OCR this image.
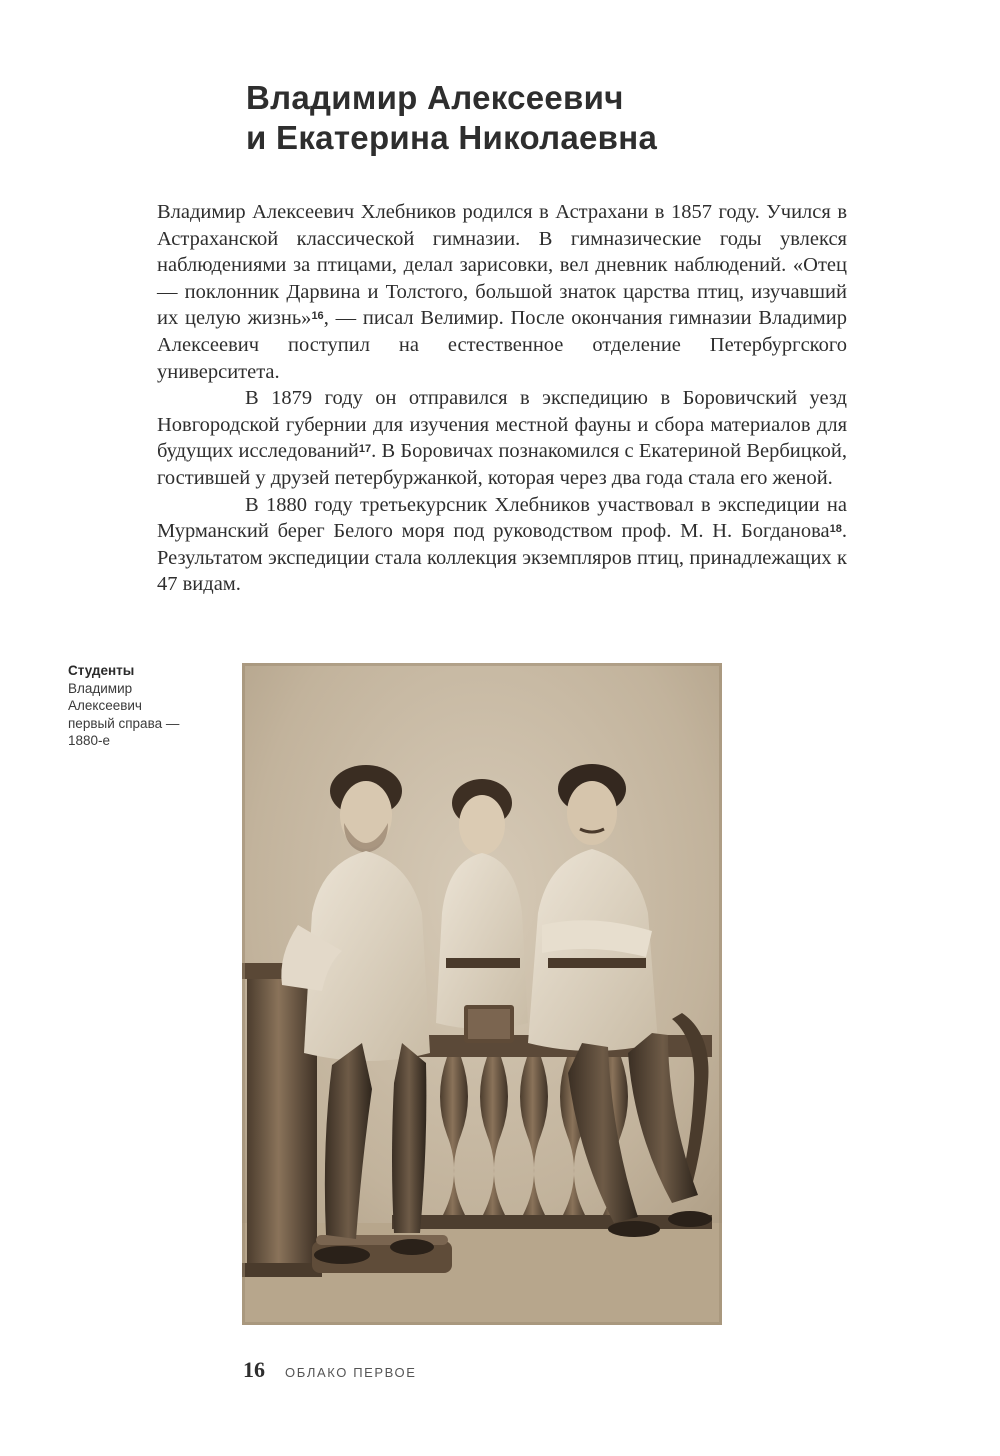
Владимир Алексеевич
и Екатерина Николаевна

Владимир Алексеевич Хлебников родился в Астрахани в 1857 году. Учился в Астраханской классической гимназии. В гимназические годы увлекся наблюдениями за птицами, делал зарисовки, вел дневник наблюдений. «Отец — поклонник Дарвина и Толстого, большой знаток царства птиц, изучавший их целую жизнь»$^{16}$, — писал Велимир. После окончания гимназии Владимир Алексеевич поступил на естественное отделение Петербургского университета.

В 1879 году он отправился в экспедицию в Боровичский уезд Новгородской губернии для изучения местной фауны и сбора материалов для будущих исследований$^{17}$. В Боровичах познакомился с Екатериной Вербицкой, гостившей у друзей петербуржанкой, которая через два года стала его женой.

В 1880 году третьекурсник Хлебников участвовал в экспедиции на Мурманский берег Белого моря под руководством проф. М. Н. Богданова$^{18}$. Результатом экспедиции стала коллекция экземпляров птиц, принадлежащих к 47 видам.

Студенты
Владимир
Алексеевич
первый справа —
1880-е
16 ОБЛАКО ПЕРВОЕ
